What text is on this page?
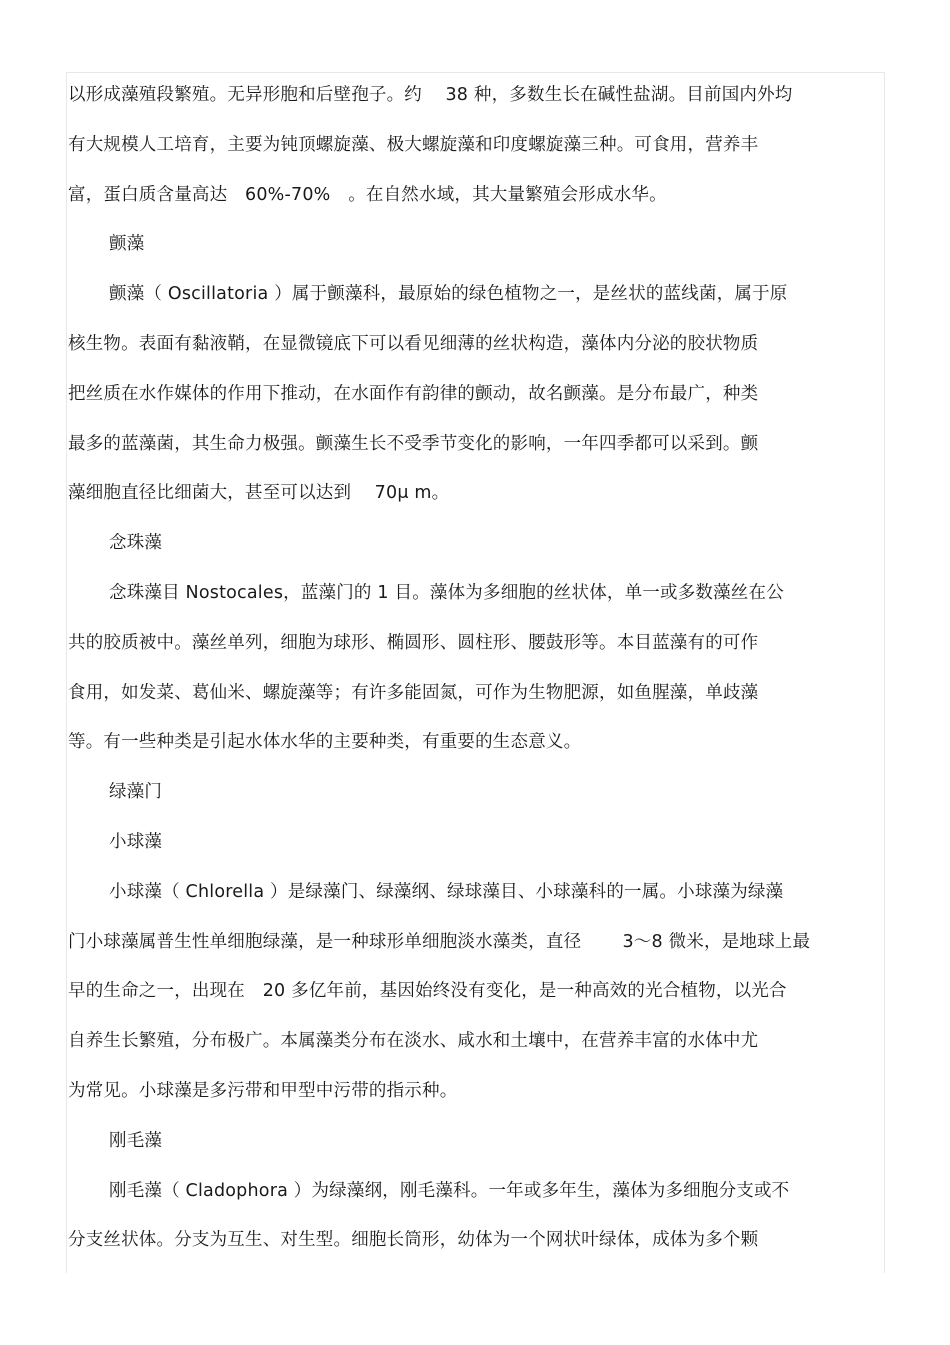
以形成藻殖段繁殖。无异形胞和后壁孢子。约　 38 种，多数生长在碱性盐湖。目前国内外均
有大规模人工培育，主要为钝顶螺旋藻、极大螺旋藻和印度螺旋藻三种。可食用，营养丰
富，蛋白质含量高达　60%-70%　。在自然水域，其大量繁殖会形成水华。
颤藻
颤藻（ Oscillatoria ）属于颤藻科，最原始的绿色植物之一，是丝状的蓝线菌，属于原
核生物。表面有黏液鞘，在显微镜底下可以看见细薄的丝状构造，藻体内分泌的胶状物质
把丝质在水作媒体的作用下推动，在水面作有韵律的颤动，故名颤藻。是分布最广，种类
最多的蓝藻菌，其生命力极强。颤藻生长不受季节变化的影响，一年四季都可以采到。颤
藻细胞直径比细菌大，甚至可以达到　 70μ m。
念珠藻
念珠藻目 Nostocales，蓝藻门的 1 目。藻体为多细胞的丝状体，单一或多数藻丝在公
共的胶质被中。藻丝单列，细胞为球形、椭圆形、圆柱形、腰鼓形等。本目蓝藻有的可作
食用，如发菜、葛仙米、螺旋藻等；有许多能固氮，可作为生物肥源，如鱼腥藻，单歧藻
等。有一些种类是引起水体水华的主要种类，有重要的生态意义。
绿藻门
小球藻
小球藻（ Chlorella ）是绿藻门、绿藻纲、绿球藻目、小球藻科的一属。小球藻为绿藻
门小球藻属普生性单细胞绿藻，是一种球形单细胞淡水藻类，直径　　 3～8 微米，是地球上最
早的生命之一，出现在　20 多亿年前，基因始终没有变化，是一种高效的光合植物，以光合
自养生长繁殖，分布极广。本属藻类分布在淡水、咸水和土壤中，在营养丰富的水体中尤
为常见。小球藻是多污带和甲型中污带的指示种。
刚毛藻
刚毛藻（ Cladophora ）为绿藻纲，刚毛藻科。一年或多年生，藻体为多细胞分支或不
分支丝状体。分支为互生、对生型。细胞长筒形，幼体为一个网状叶绿体，成体为多个颗
